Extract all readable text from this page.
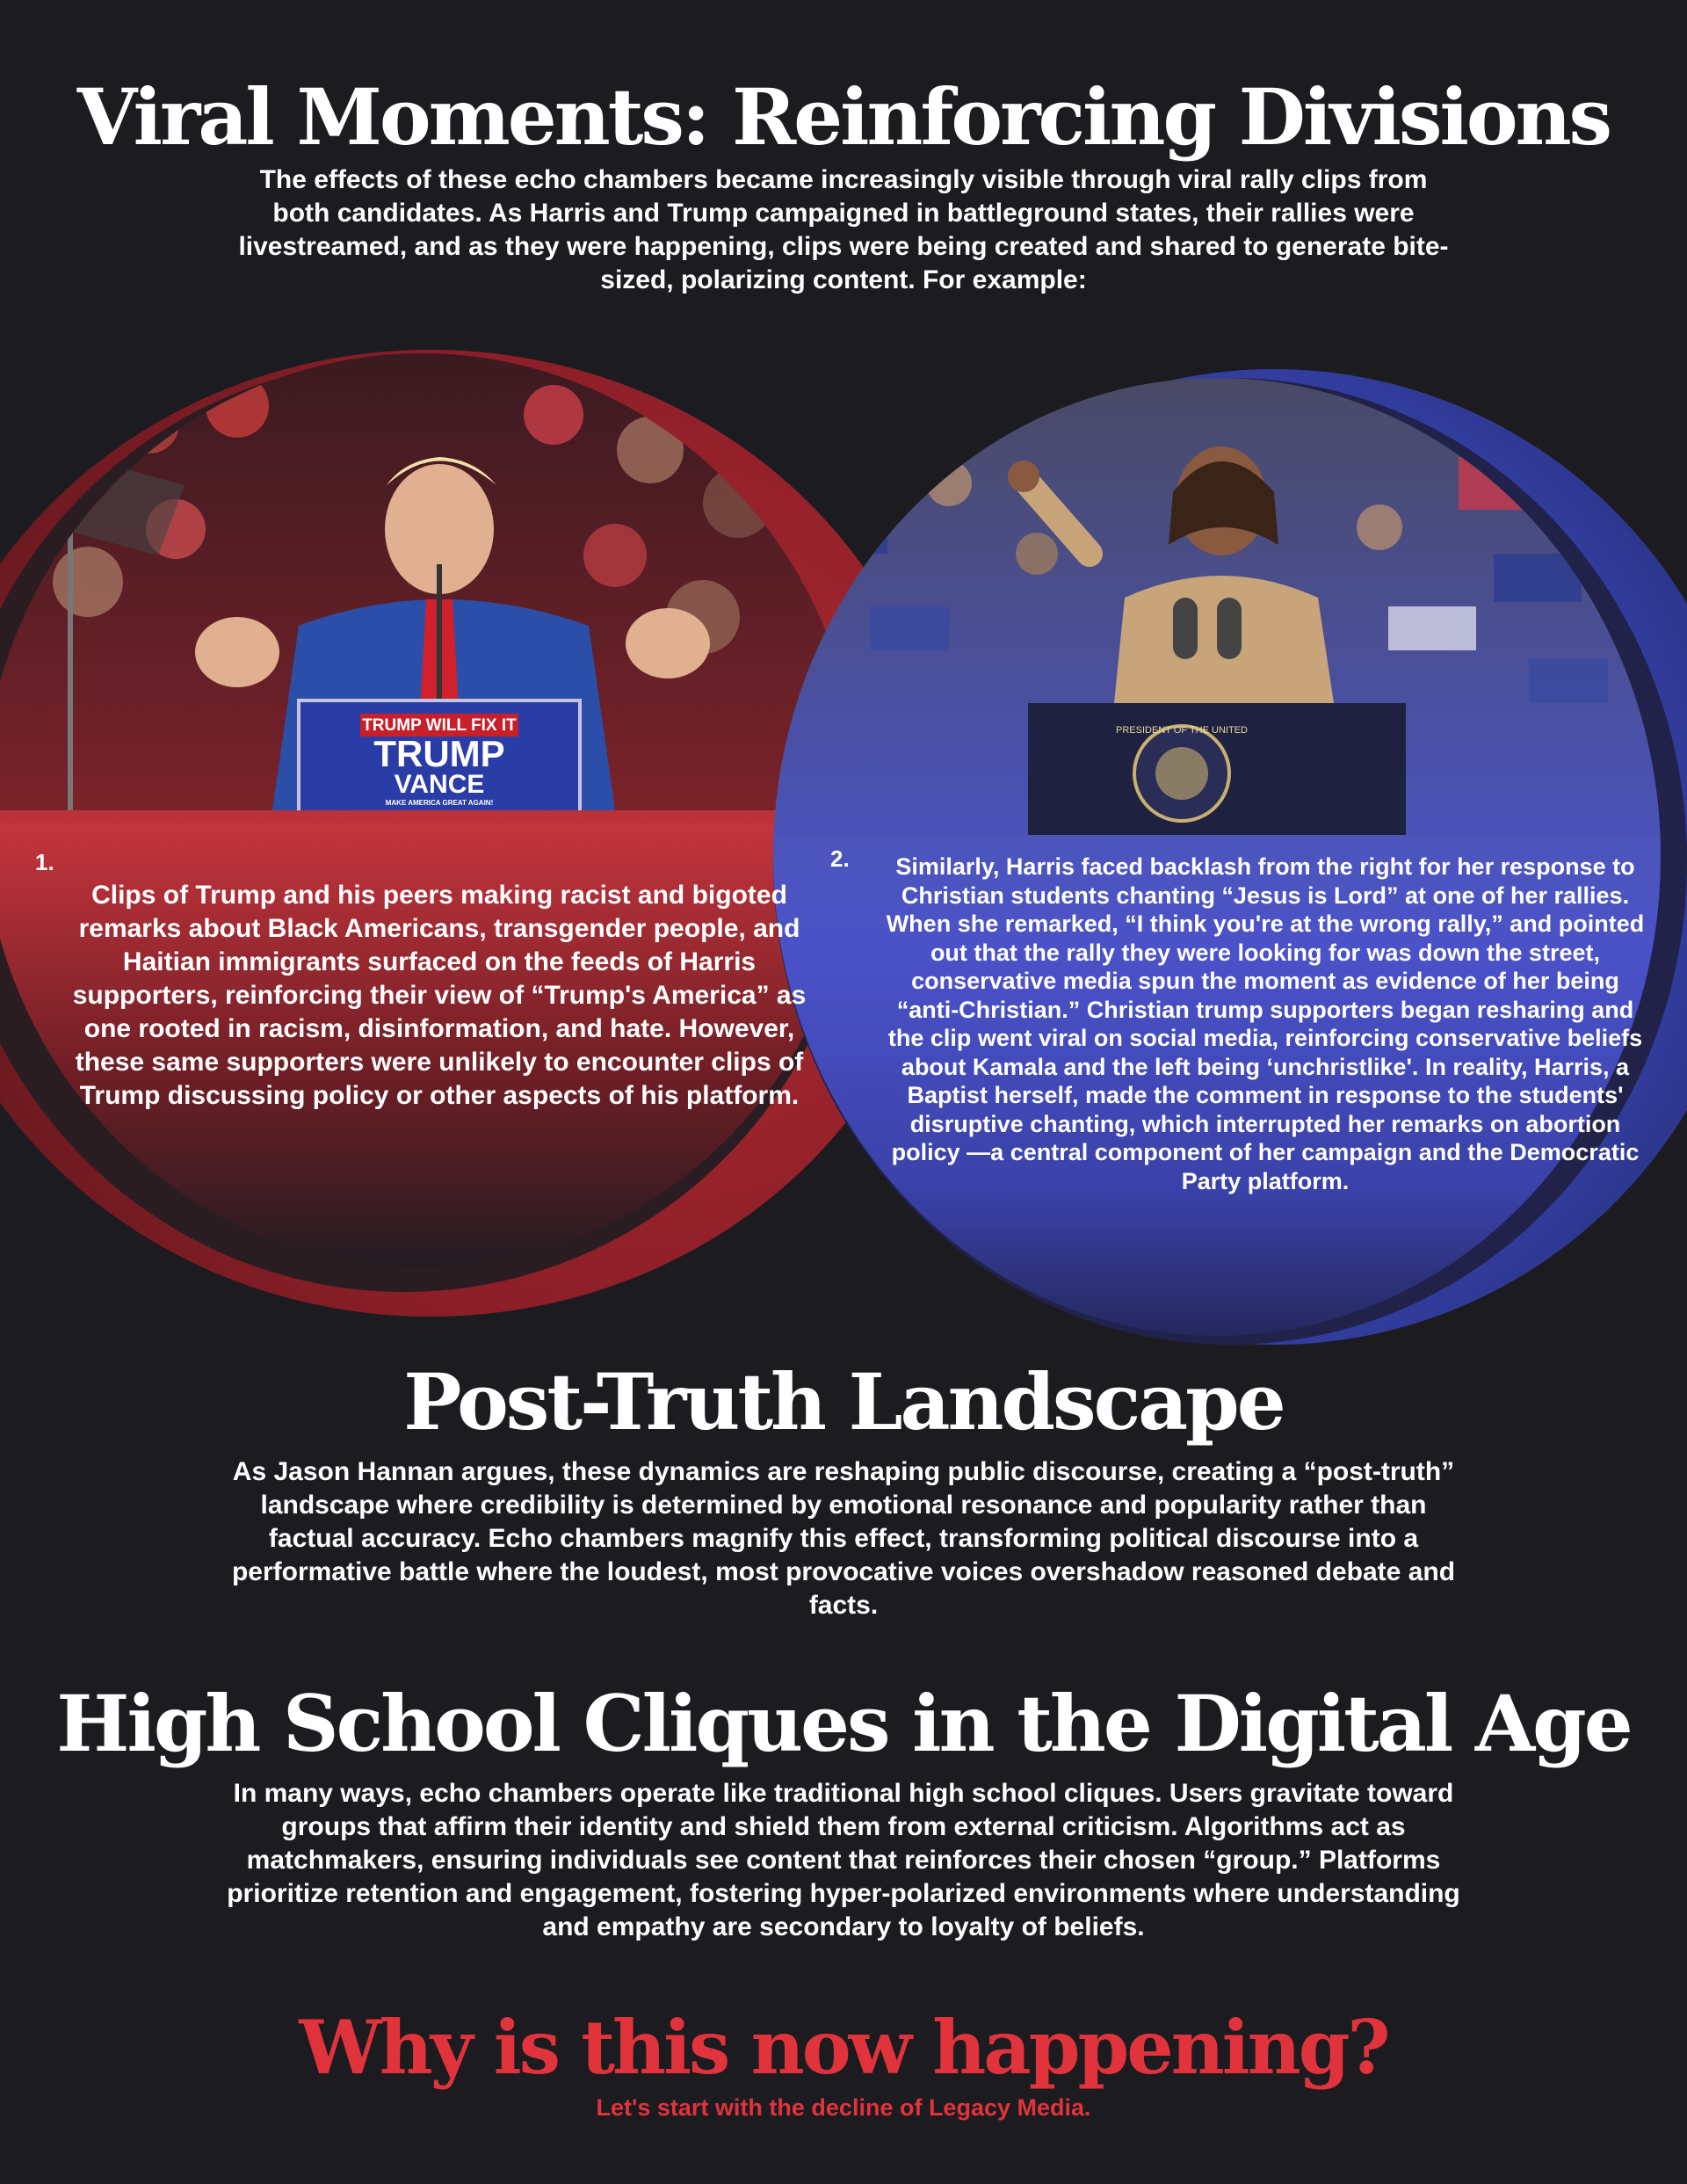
Viral Moments: Reinforcing Divisions

The effects of these echo chambers became increasingly visible through viral rally clips from both candidates. As Harris and Trump campaigned in battleground states, their rallies were livestreamed, and as they were happening, clips were being created and shared to generate bite-sized, polarizing content. For example:

TRUMP WILL FIX IT
TRUMP
VANCE
MAKE AMERICA GREAT AGAIN!
PRESIDENT OF THE UNITED
1.

Clips of Trump and his peers making racist and bigoted remarks about Black Americans, transgender people, and Haitian immigrants surfaced on the feeds of Harris supporters, reinforcing their view of “Trump's America” as one rooted in racism, disinformation, and hate. However, these same supporters were unlikely to encounter clips of Trump discussing policy or other aspects of his platform.

2.	Similarly, Harris faced backlash from the right for her response to Christian students chanting “Jesus is Lord” at one of her rallies. When she remarked, “I think you're at the wrong rally,” and pointed out that the rally they were looking for was down the street, conservative media spun the moment as evidence of her being “anti-Christian.” Christian trump supporters began resharing and the clip went viral on social media, reinforcing conservative beliefs about Kamala and the left being ‘unchristlike'. In reality, Harris, a Baptist herself, made the comment in response to the students' disruptive chanting, which interrupted her remarks on abortion policy —a central component of her campaign and the Democratic Party platform.

Post-Truth Landscape

As Jason Hannan argues, these dynamics are reshaping public discourse, creating a “post-truth” landscape where credibility is determined by emotional resonance and popularity rather than factual accuracy. Echo chambers magnify this effect, transforming political discourse into a performative battle where the loudest, most provocative voices overshadow reasoned debate and facts.

High School Cliques in the Digital Age

In many ways, echo chambers operate like traditional high school cliques. Users gravitate toward groups that affirm their identity and shield them from external criticism. Algorithms act as matchmakers, ensuring individuals see content that reinforces their chosen “group.” Platforms prioritize retention and engagement, fostering hyper-polarized environments where understanding and empathy are secondary to loyalty of beliefs.

Why is this now happening?
Let's start with the decline of Legacy Media.
